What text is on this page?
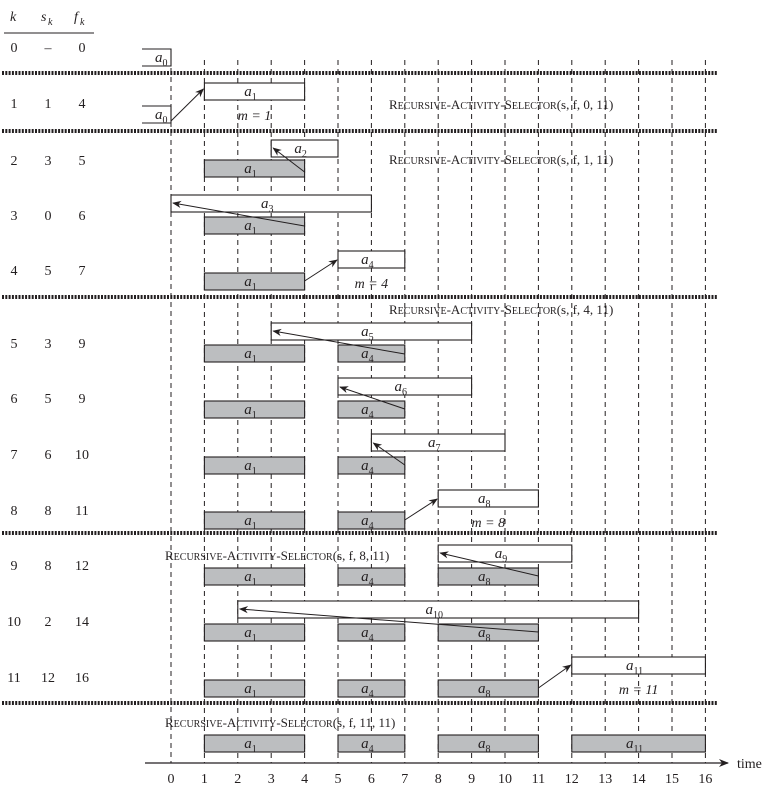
k s k f k
0 – 0
1 1 4
2 3 5
3 0 6
4 5 7
5 3 9
6 5 9
7 6 10
8 8 11
9 8 12
10 2 14
11 12 16
$a_0$
$a_1$
$a_0$
$a_2$
$a_1$
$a_3$
$a_1$
$a_4$
$a_1$
$a_5$
$a_1$	$a_4$
$a_6$
$a_1$	$a_4$
$a_7$
$a_1$	$a_4$
$a_8$
$a_1$	$a_4$
$a_9$
$a_1$	$a_4$	$a_8$
$a_{10}$
$a_1$	$a_4$	$a_8$
$a_{11}$
$a_1$	$a_4$	$a_8$
$a_1$	$a_4$	$a_8$	$a_{11}$
m = 1
RECURSIVE-ACTIVITY-SELECTOR(s, f, 0, 11)
RECURSIVE-ACTIVITY-SELECTOR(s, f, 1, 11)
m = 4
RECURSIVE-ACTIVITY-SELECTOR(s, f, 4, 11)
m = 8
RECURSIVE-ACTIVITY-SELECTOR(s, f, 8, 11)
m = 11
RECURSIVE-ACTIVITY-SELECTOR(s, f, 11, 11)
time
0 1 2 3 4 5 6 7 8 9 10 11 12 13 14 15 16
